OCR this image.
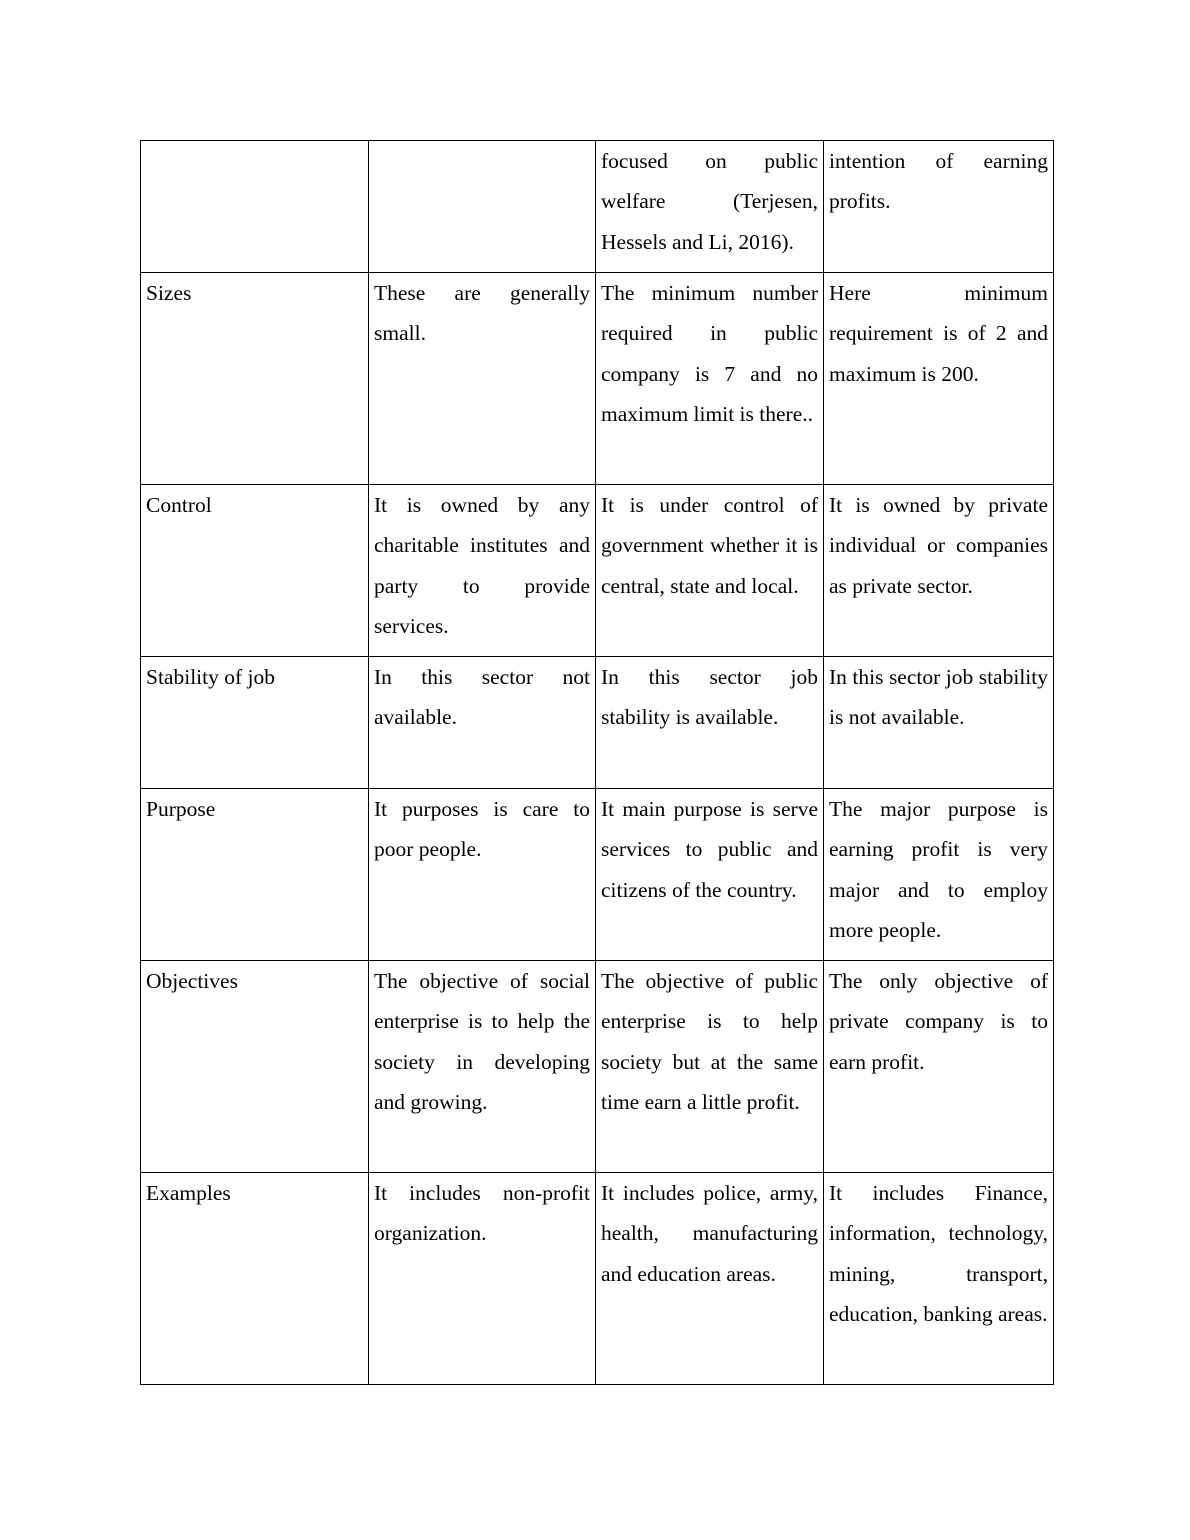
		focused on public welfare (Terjesen, Hessels and Li, 2016).	intention of earning profits.

Sizes	These are generally small.	The minimum number required in public company is 7 and no maximum limit is there..	Here minimum requirement is of 2 and maximum is 200.

Control	It is owned by any charitable institutes and party to provide services.	It is under control of government whether it is central, state and local.	It is owned by private individual or companies as private sector.

Stability of job	In this sector not available.	In this sector job stability is available.	In this sector job stability is not available.

Purpose	It purposes is care to poor people.	It main purpose is serve services to public and citizens of the country.	The major purpose is earning profit is very major and to employ more people.

Objectives	The objective of social enterprise is to help the society in developing and growing.	The objective of public enterprise is to help society but at the same time earn a little profit.	The only objective of private company is to earn profit.

Examples	It includes non-profit organization.	It includes police, army, health, manufacturing and education areas.	It includes Finance, information, technology, mining, transport, education, banking areas.
